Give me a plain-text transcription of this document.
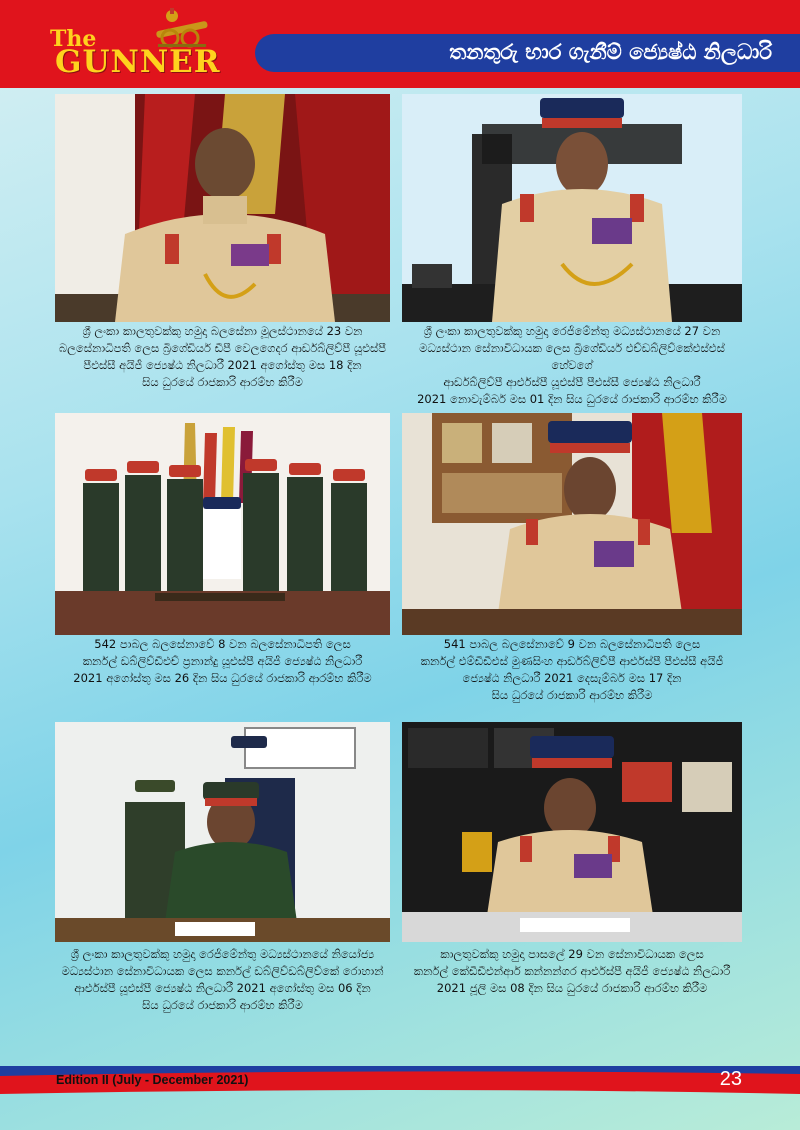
තනතුරු භාර ගැනීම් ජ්‍යෙෂ්ඨ නිලධාරි
The
GUNNER
ශ්‍රී ලංකා කාලතුවක්කු හමුදා බලසේනා මූලස්ථානයේ 23 වන
බලසේනාධිපති ලෙස බ්‍රිගේඩියර් ඩීපී වෙලගෙදර ආර්ඩබ්ලිව්පී යූඑස්පී
පීඑස්සී අයිජී ජ්‍යෙෂ්ඨ නිලධාරී 2021 අගෝස්තු මස 18 දින
සිය ධුරයේ රාජකාරි ආරම්භ කිරීම
ශ්‍රී ලංකා කාලතුවක්කු හමුදා රෙජිමේන්තු මධ්‍යස්ථානයේ 27 වන
මධ්‍යස්ථාන සේනාවිධායක ලෙස බ්‍රිගේඩියර් එච්ඩබ්ලිව්කේඑස්එස් හේවගේ
ආර්ඩබ්ලිව්පී ආර්එස්පී යූඑස්පී පීඑස්සී ජ්‍යෙෂ්ඨ නිලධාරී
2021 නොවැම්බර් මස 01 දින සිය ධුරයේ රාජකාරි ආරම්භ කිරීම
542 පාබල බලසේනාවේ 8 වන බලසේනාධිපති ලෙස
කර්නල් ඩබ්ලිව්ඩීඑච් ප්‍රනාන්දු යූඑස්පී අයිජී ජ්‍යෙෂ්ඨ නිලධාරී
2021 අගෝස්තු මස 26 දින සිය ධුරයේ රාජකාරි ආරම්භ කිරීම
541 පාබල බලසේනාවේ 9 වන බලසේනාධිපති ලෙස
කර්නල් එම්ඩීඩීඑස් මුණසිංහ ආර්ඩබ්ලිව්පී ආර්එස්පී පීඑස්සී අයිජී
ජ්‍යෙෂ්ඨ නිලධාරී 2021 දෙසැම්බර් මස 17 දින
සිය ධුරයේ රාජකාරි ආරම්භ කිරීම
ශ්‍රී ලංකා කාලතුවක්කු හමුදා රෙජිමේන්තු මධ්‍යස්ථානයේ නියෝජ්‍ය
මධ්‍යස්ථාන සේනාවිධායක ලෙස කර්නල් ඩබ්ලිව්ඩබ්ලිව්කේ රොහාන්
ආර්එස්පී යූඑස්පී ජ්‍යෙෂ්ඨ නිලධාරී 2021 අගෝස්තු මස 06 දින
සිය ධුරයේ රාජකාරි ආරම්භ කිරීම
කාලතුවක්කු හමුදා පාසලේ 29 වන සේනාවිධායක ලෙස
කර්නල් කේඩීඩීඑන්ආර් කන්නන්ගර ආර්එස්පී අයිජී ජ්‍යෙෂ්ඨ නිලධාරී
2021 ජූලි මස 08 දින සිය ධුරයේ රාජකාරි ආරම්භ කිරීම
Edition II (July - December 2021)	23
